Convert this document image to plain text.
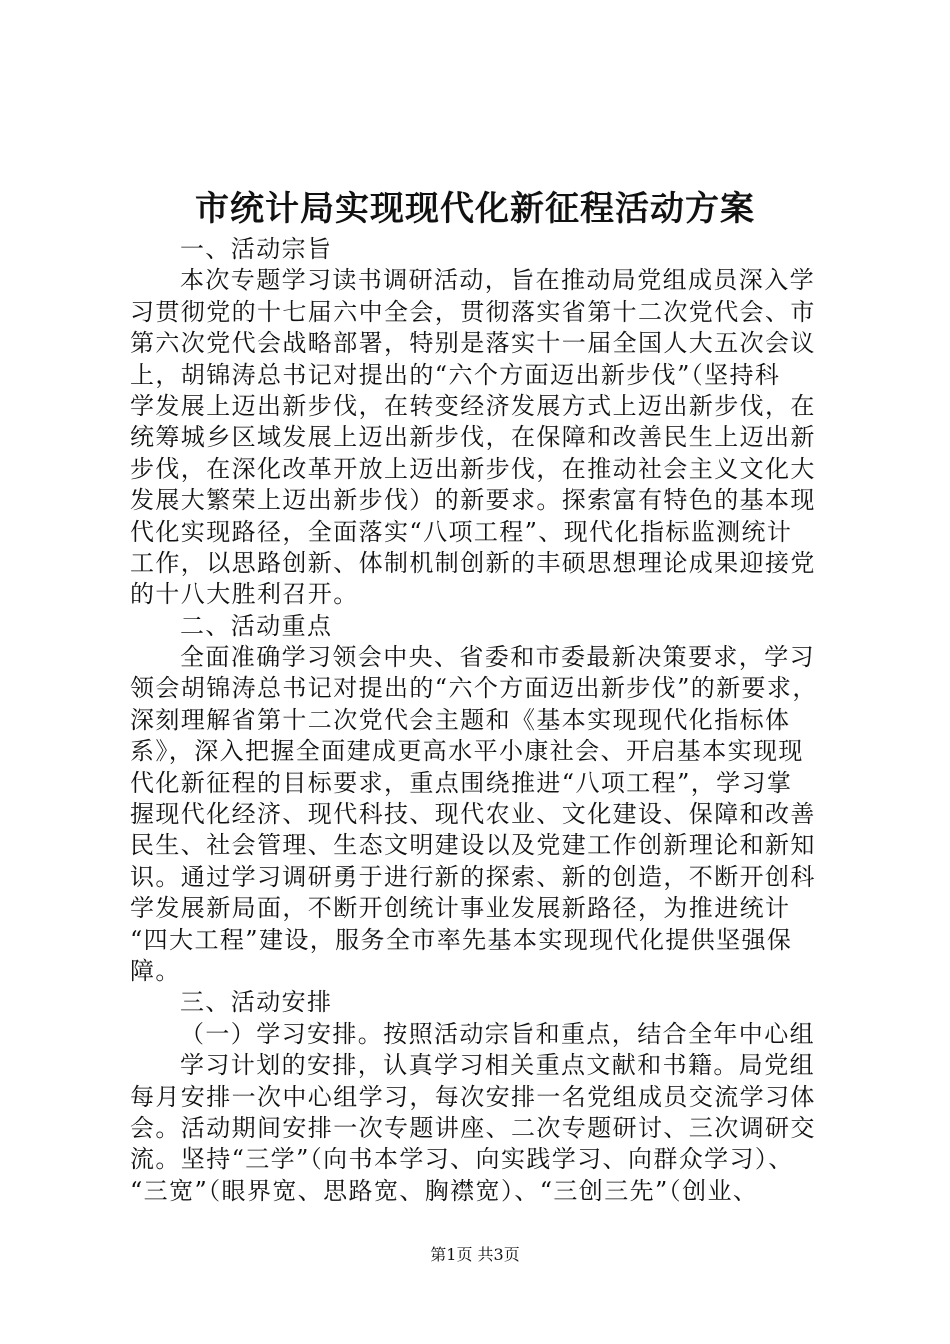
市统计局实现现代化新征程活动方案
一、活动宗旨
本次专题学习读书调研活动，旨在推动局党组成员深入学
习贯彻党的十七届六中全会，贯彻落实省第十二次党代会、市
第六次党代会战略部署，特别是落实十一届全国人大五次会议
上，胡锦涛总书记对提出的“六个方面迈出新步伐”（坚持科
学发展上迈出新步伐，在转变经济发展方式上迈出新步伐，在
统筹城乡区域发展上迈出新步伐，在保障和改善民生上迈出新
步伐，在深化改革开放上迈出新步伐，在推动社会主义文化大
发展大繁荣上迈出新步伐）的新要求。探索富有特色的基本现
代化实现路径，全面落实“八项工程”、现代化指标监测统计
工作，以思路创新、体制机制创新的丰硕思想理论成果迎接党
的十八大胜利召开。
二、活动重点
全面准确学习领会中央、省委和市委最新决策要求，学习
领会胡锦涛总书记对提出的“六个方面迈出新步伐”的新要求，
深刻理解省第十二次党代会主题和《基本实现现代化指标体
系》，深入把握全面建成更高水平小康社会、开启基本实现现
代化新征程的目标要求，重点围绕推进“八项工程”，学习掌
握现代化经济、现代科技、现代农业、文化建设、保障和改善
民生、社会管理、生态文明建设以及党建工作创新理论和新知
识。通过学习调研勇于进行新的探索、新的创造，不断开创科
学发展新局面，不断开创统计事业发展新路径，为推进统计
“四大工程”建设，服务全市率先基本实现现代化提供坚强保
障。
三、活动安排
（一）学习安排。按照活动宗旨和重点，结合全年中心组
学习计划的安排，认真学习相关重点文献和书籍。局党组
每月安排一次中心组学习，每次安排一名党组成员交流学习体
会。活动期间安排一次专题讲座、二次专题研讨、三次调研交
流。坚持“三学”（向书本学习、向实践学习、向群众学习）、
“三宽”（眼界宽、思路宽、胸襟宽）、“三创三先”（创业、
第1页 共3页
